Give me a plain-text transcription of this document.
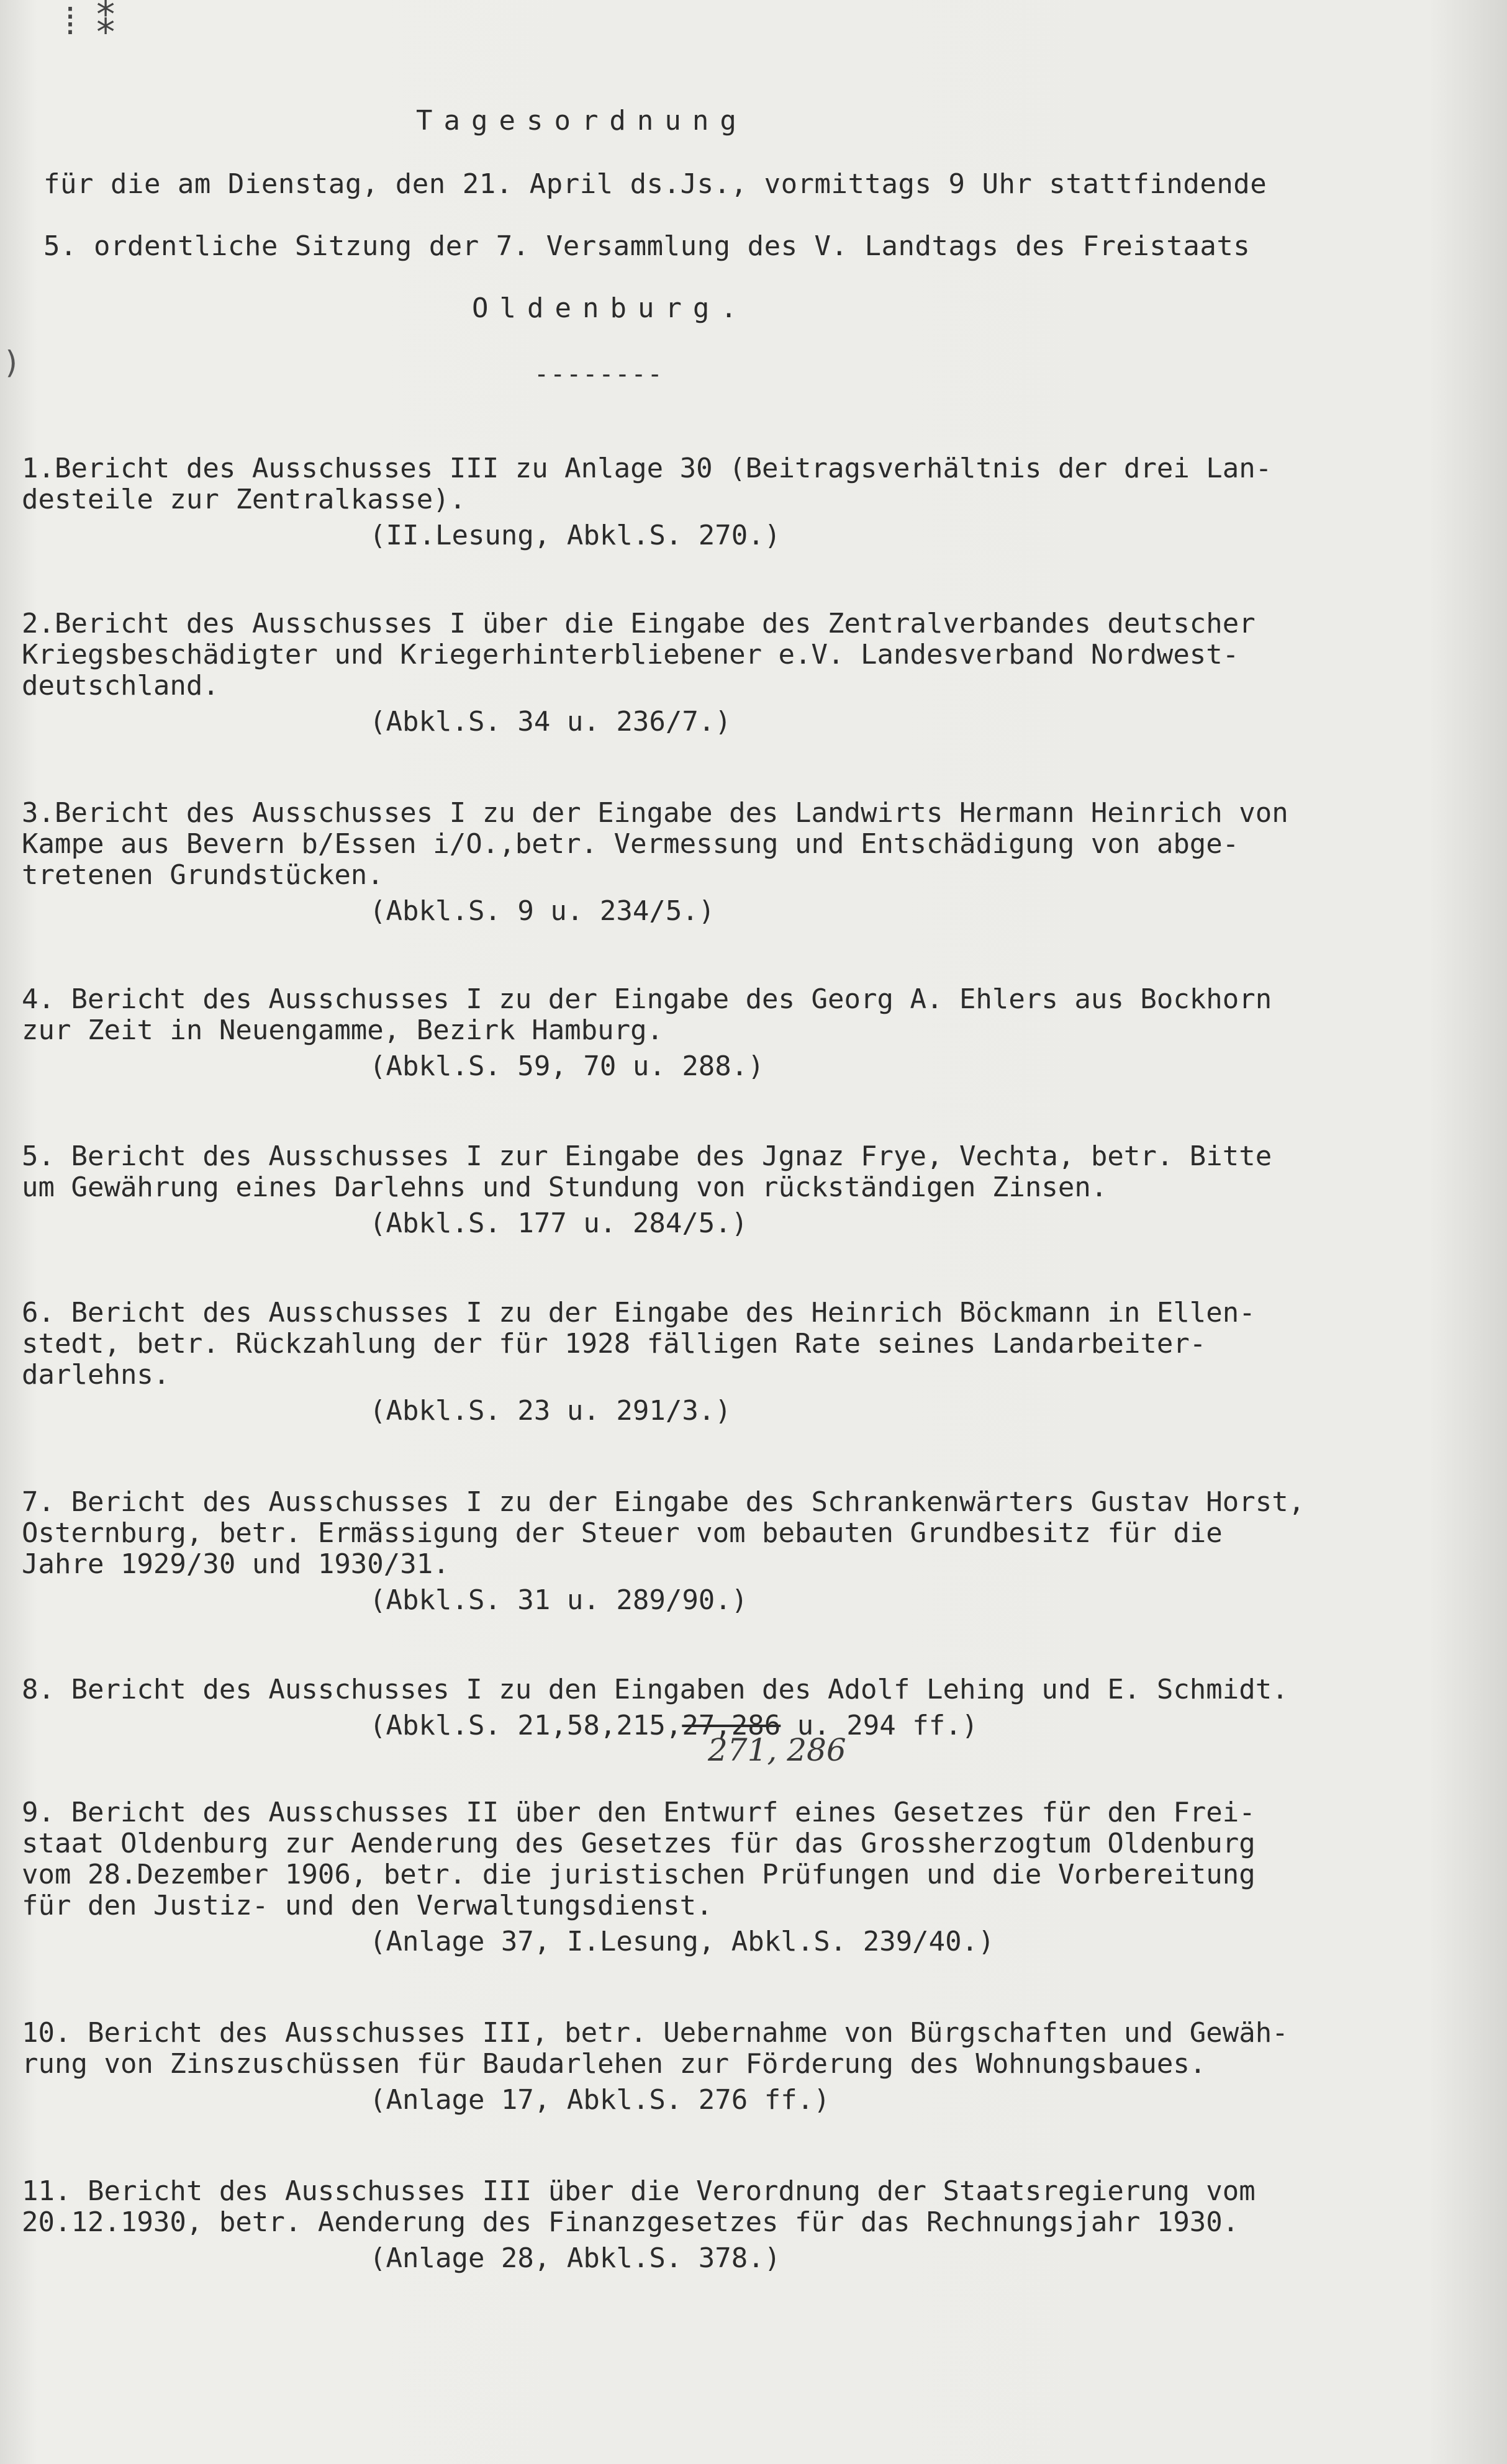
⁞ ⁑
)
Tagesordnung
für die am Dienstag, den 21. April ds.Js., vormittags 9 Uhr stattfindende
5. ordentliche Sitzung der 7. Versammlung des V. Landtags des Freistaats
Oldenburg.
--------

1.Bericht des Ausschusses III zu Anlage 30 (Beitragsverhältnis der drei Lan-
desteile zur Zentralkasse).

(II.Lesung, Abkl.S. 270.)

2.Bericht des Ausschusses I über die Eingabe des Zentralverbandes deutscher
Kriegsbeschädigter und Kriegerhinterbliebener e.V. Landesverband Nordwest-
deutschland.

(Abkl.S. 34 u. 236/7.)

3.Bericht des Ausschusses I zu der Eingabe des Landwirts Hermann Heinrich von
Kampe aus Bevern b/Essen i/O.,betr. Vermessung und Entschädigung von abge-
tretenen Grundstücken.

(Abkl.S. 9 u. 234/5.)

4. Bericht des Ausschusses I zu der Eingabe des Georg A. Ehlers aus Bockhorn
zur Zeit in Neuengamme, Bezirk Hamburg.

(Abkl.S. 59, 70 u. 288.)

5. Bericht des Ausschusses I zur Eingabe des Jgnaz Frye, Vechta, betr. Bitte
um Gewährung eines Darlehns und Stundung von rückständigen Zinsen.

(Abkl.S. 177 u. 284/5.)

6. Bericht des Ausschusses I zu der Eingabe des Heinrich Böckmann in Ellen-
stedt, betr. Rückzahlung der für 1928 fälligen Rate seines Landarbeiter-
darlehns.

(Abkl.S. 23 u. 291/3.)

7. Bericht des Ausschusses I zu der Eingabe des Schrankenwärters Gustav Horst,
Osternburg, betr. Ermässigung der Steuer vom bebauten Grundbesitz für die
Jahre 1929/30 und 1930/31.

(Abkl.S. 31 u. 289/90.)

8. Bericht des Ausschusses I zu den Eingaben des Adolf Lehing und E. Schmidt.

(Abkl.S. 21,58,215,27,286 u. 294 ff.)

271, 286

9. Bericht des Ausschusses II über den Entwurf eines Gesetzes für den Frei-
staat Oldenburg zur Aenderung des Gesetzes für das Grossherzogtum Oldenburg
vom 28.Dezember 1906, betr. die juristischen Prüfungen und die Vorbereitung
für den Justiz- und den Verwaltungsdienst.

(Anlage 37, I.Lesung, Abkl.S. 239/40.)

10. Bericht des Ausschusses III, betr. Uebernahme von Bürgschaften und Gewäh-
rung von Zinszuschüssen für Baudarlehen zur Förderung des Wohnungsbaues.

(Anlage 17, Abkl.S. 276 ff.)

11. Bericht des Ausschusses III über die Verordnung der Staatsregierung vom
20.12.1930, betr. Aenderung des Finanzgesetzes für das Rechnungsjahr 1930.

(Anlage 28, Abkl.S. 378.)
